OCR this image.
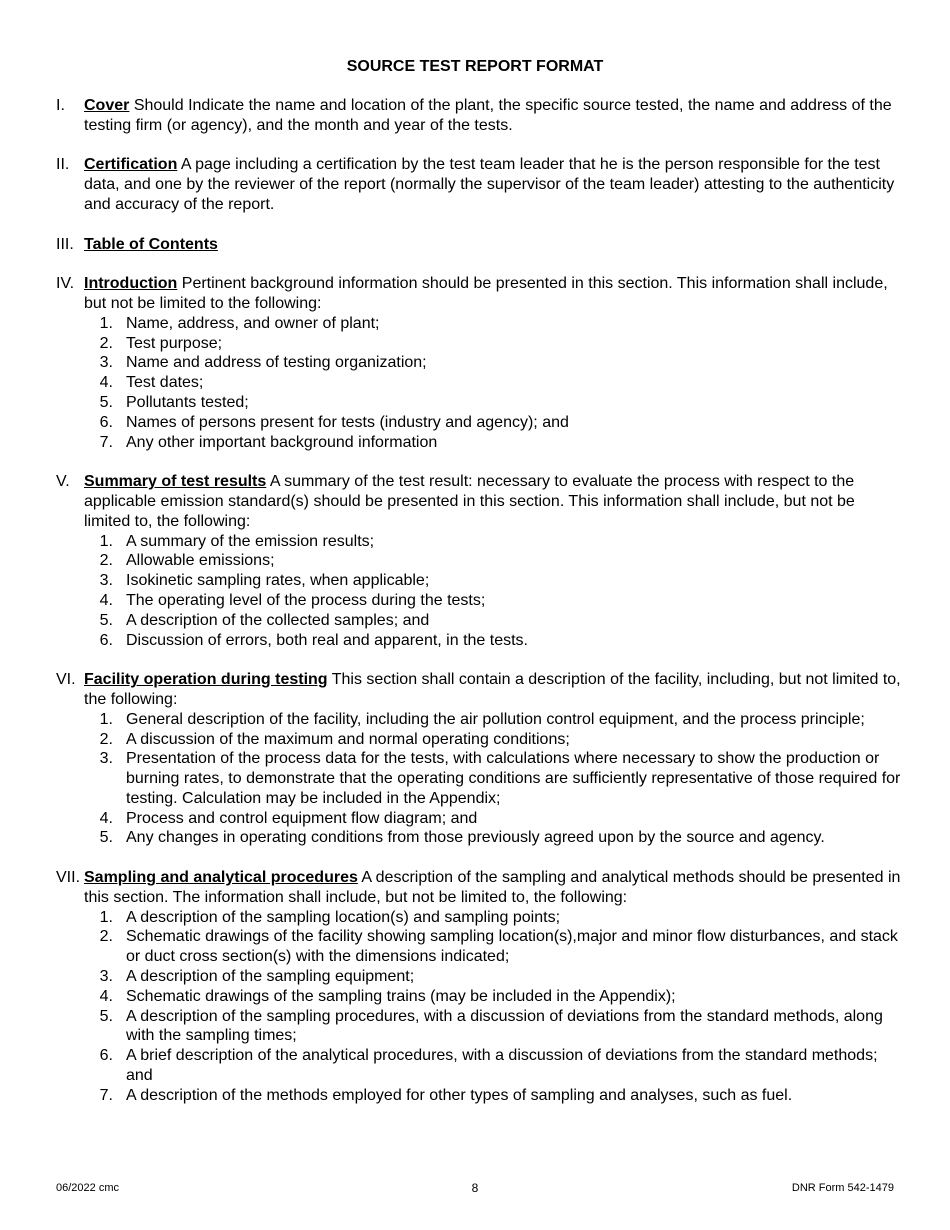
SOURCE TEST REPORT FORMAT
I. Cover Should Indicate the name and location of the plant, the specific source tested, the name and address of the testing firm (or agency), and the month and year of the tests.
II. Certification A page including a certification by the test team leader that he is the person responsible for the test data, and one by the reviewer of the report (normally the supervisor of the team leader) attesting to the authenticity and accuracy of the report.
III. Table of Contents
IV. Introduction Pertinent background information should be presented in this section. This information shall include, but not be limited to the following:
1. Name, address, and owner of plant;
2. Test purpose;
3. Name and address of testing organization;
4. Test dates;
5. Pollutants tested;
6. Names of persons present for tests (industry and agency); and
7. Any other important background information
V. Summary of test results A summary of the test result: necessary to evaluate the process with respect to the applicable emission standard(s) should be presented in this section. This information shall include, but not be limited to, the following:
1. A summary of the emission results;
2. Allowable emissions;
3. Isokinetic sampling rates, when applicable;
4. The operating level of the process during the tests;
5. A description of the collected samples; and
6. Discussion of errors, both real and apparent, in the tests.
VI. Facility operation during testing This section shall contain a description of the facility, including, but not limited to, the following:
1. General description of the facility, including the air pollution control equipment, and the process principle;
2. A discussion of the maximum and normal operating conditions;
3. Presentation of the process data for the tests, with calculations where necessary to show the production or burning rates, to demonstrate that the operating conditions are sufficiently representative of those required for testing. Calculation may be included in the Appendix;
4. Process and control equipment flow diagram; and
5. Any changes in operating conditions from those previously agreed upon by the source and agency.
VII. Sampling and analytical procedures A description of the sampling and analytical methods should be presented in this section. The information shall include, but not be limited to, the following:
1. A description of the sampling location(s) and sampling points;
2. Schematic drawings of the facility showing sampling location(s),major and minor flow disturbances, and stack or duct cross section(s) with the dimensions indicated;
3. A description of the sampling equipment;
4. Schematic drawings of the sampling trains (may be included in the Appendix);
5. A description of the sampling procedures, with a discussion of deviations from the standard methods, along with the sampling times;
6. A brief description of the analytical procedures, with a discussion of deviations from the standard methods; and
7. A description of the methods employed for other types of sampling and analyses, such as fuel.
06/2022 cmc	8	DNR Form 542-1479
